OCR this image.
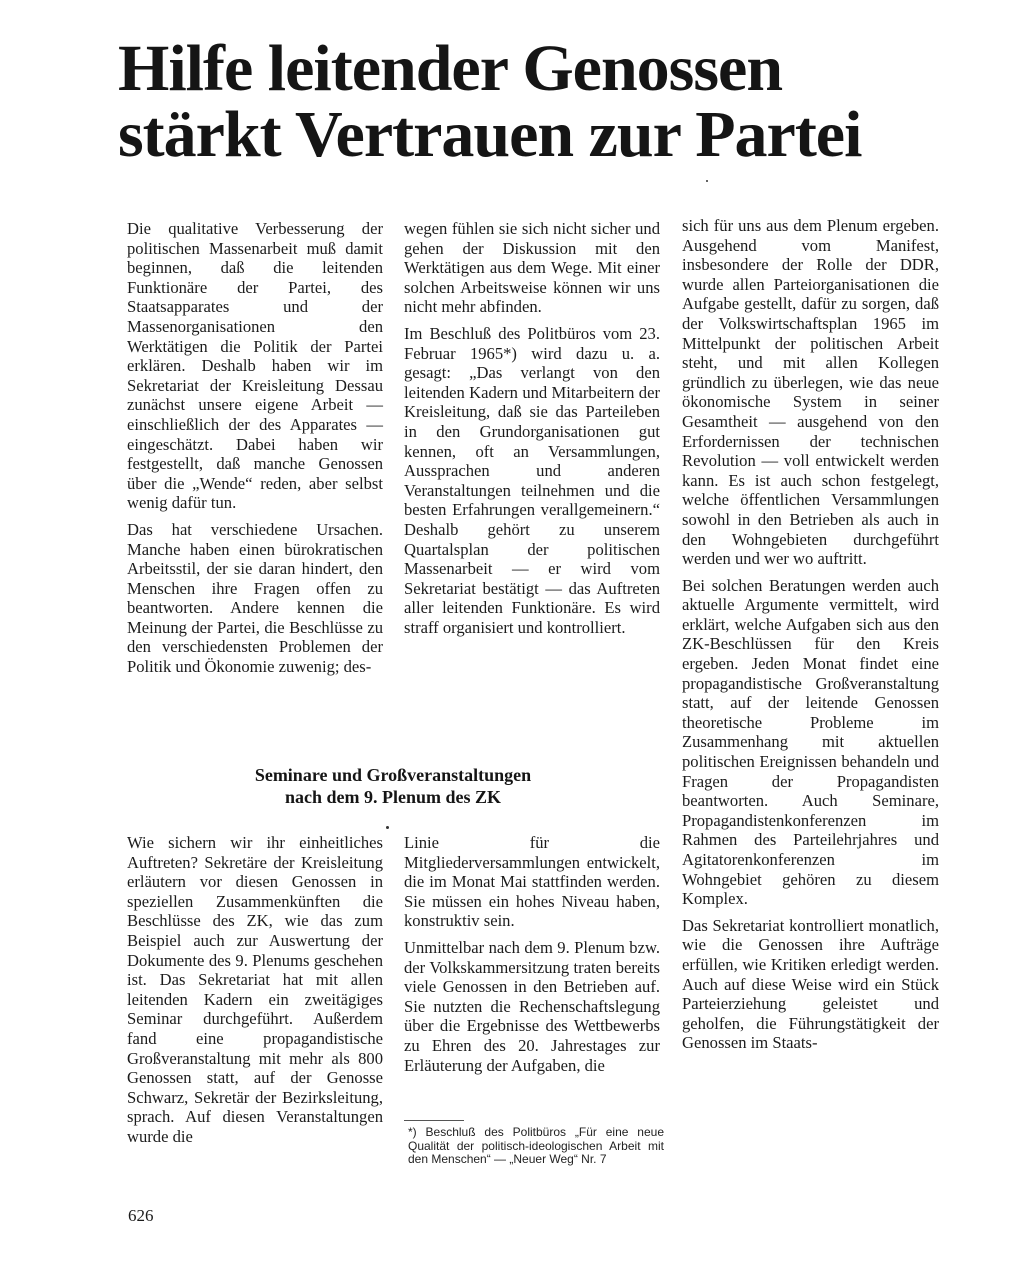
Hilfe leitender Genossen
stärkt Vertrauen zur Partei

Die qualitative Verbesserung der politischen Massenarbeit muß damit beginnen, daß die leitenden Funktionäre der Partei, des Staatsapparates und der Massenorganisationen den Werktätigen die Politik der Partei erklären. Deshalb haben wir im Sekretariat der Kreisleitung Dessau zunächst unsere eigene Arbeit — einschließlich der des Apparates — eingeschätzt. Dabei haben wir festgestellt, daß manche Genossen über die „Wende“ reden, aber selbst wenig dafür tun.

Das hat verschiedene Ursachen. Manche haben einen bürokratischen Arbeitsstil, der sie daran hindert, den Menschen ihre Fragen offen zu beantworten. Andere kennen die Meinung der Partei, die Beschlüsse zu den verschiedensten Problemen der Politik und Ökonomie zuwenig; des-

wegen fühlen sie sich nicht sicher und gehen der Diskussion mit den Werktätigen aus dem Wege. Mit einer solchen Arbeitsweise können wir uns nicht mehr abfinden.

Im Beschluß des Politbüros vom 23. Februar 1965*) wird dazu u. a. gesagt: „Das verlangt von den leitenden Kadern und Mitarbeitern der Kreisleitung, daß sie das Parteileben in den Grundorganisationen gut kennen, oft an Versammlungen, Aussprachen und anderen Veranstaltungen teilnehmen und die besten Erfahrungen verallgemeinern.“ Deshalb gehört zu unserem Quartalsplan der politischen Massenarbeit — er wird vom Sekretariat bestätigt — das Auftreten aller leitenden Funktionäre. Es wird straff organisiert und kontrolliert.

sich für uns aus dem Plenum ergeben. Ausgehend vom Manifest, insbesondere der Rolle der DDR, wurde allen Parteiorganisationen die Aufgabe gestellt, dafür zu sorgen, daß der Volkswirtschaftsplan 1965 im Mittelpunkt der politischen Arbeit steht, und mit allen Kollegen gründlich zu überlegen, wie das neue ökonomische System in seiner Gesamtheit — ausgehend von den Erfordernissen der technischen Revolution — voll entwickelt werden kann. Es ist auch schon festgelegt, welche öffentlichen Versammlungen sowohl in den Betrieben als auch in den Wohngebieten durchgeführt werden und wer wo auftritt.

Bei solchen Beratungen werden auch aktuelle Argumente vermittelt, wird erklärt, welche Aufgaben sich aus den ZK-Beschlüssen für den Kreis ergeben. Jeden Monat findet eine propagandistische Großveranstaltung statt, auf der leitende Genossen theoretische Probleme im Zusammenhang mit aktuellen politischen Ereignissen behandeln und Fragen der Propagandisten beantworten. Auch Seminare, Propagandistenkonferenzen im Rahmen des Parteilehrjahres und Agitatorenkonferenzen im Wohngebiet gehören zu diesem Komplex.

Das Sekretariat kontrolliert monatlich, wie die Genossen ihre Aufträge erfüllen, wie Kritiken erledigt werden. Auch auf diese Weise wird ein Stück Parteierziehung geleistet und geholfen, die Führungstätigkeit der Genossen im Staats-

Seminare und Großveranstaltungen
nach dem 9. Plenum des ZK

Wie sichern wir ihr einheitliches Auftreten? Sekretäre der Kreisleitung erläutern vor diesen Genossen in speziellen Zusammenkünften die Beschlüsse des ZK, wie das zum Beispiel auch zur Auswertung der Dokumente des 9. Plenums geschehen ist. Das Sekretariat hat mit allen leitenden Kadern ein zweitägiges Seminar durchgeführt. Außerdem fand eine propagandistische Großveranstaltung mit mehr als 800 Genossen statt, auf der Genosse Schwarz, Sekretär der Bezirksleitung, sprach. Auf diesen Veranstaltungen wurde die

Linie für die Mitgliederversammlungen entwickelt, die im Monat Mai stattfinden werden. Sie müssen ein hohes Niveau haben, konstruktiv sein.

Unmittelbar nach dem 9. Plenum bzw. der Volkskammersitzung traten bereits viele Genossen in den Betrieben auf. Sie nutzten die Rechenschaftslegung über die Ergebnisse des Wettbewerbs zu Ehren des 20. Jahrestages zur Erläuterung der Aufgaben, die

*) Beschluß des Politbüros „Für eine neue Qualität der politisch-ideologischen Arbeit mit den Menschen“ — „Neuer Weg“ Nr. 7
626
